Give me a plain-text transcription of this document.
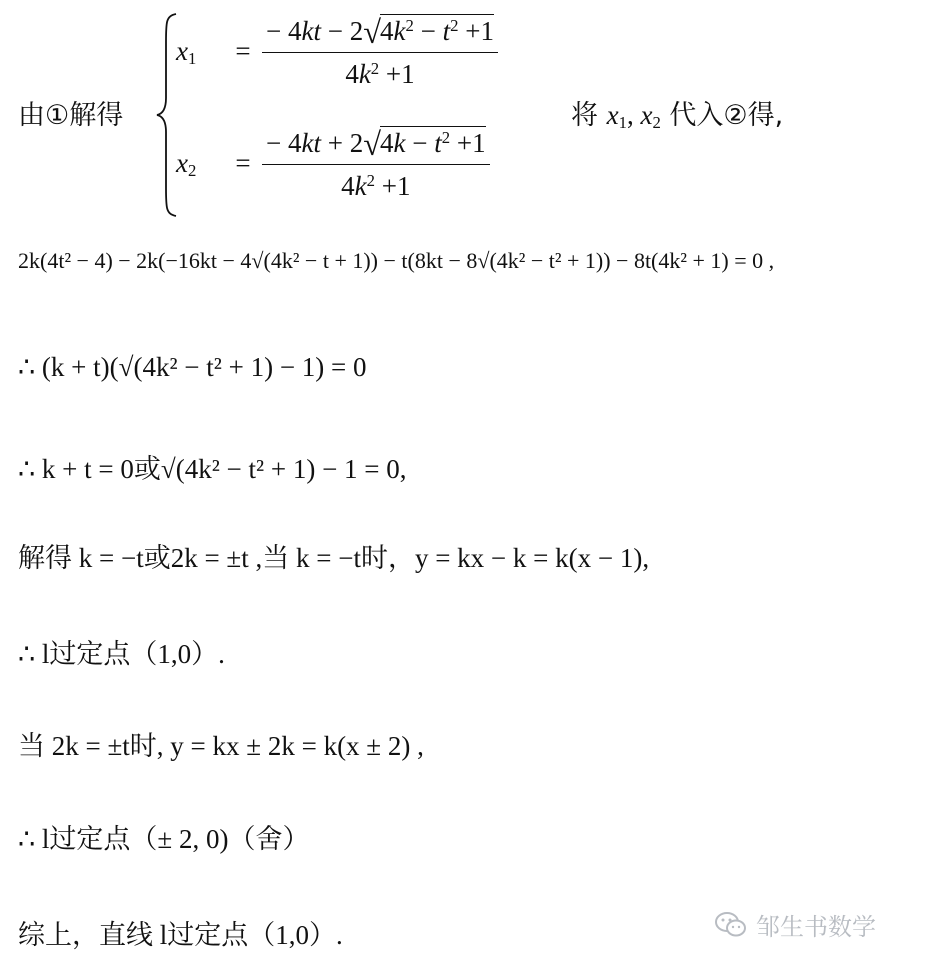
由①解得
$x_1$	= $\frac{- 4kt - 2√4k^2 - t^2 +1}{4k^2 +1}$
$x_2$	= $\frac{- 4kt + 2√4k - t^2 +1}{4k^2 +1}$
将 $x_1$, $x_2$ 代入②得,
2k(4t² − 4) − 2k(−16kt − 4√(4k² − t + 1)) − t(8kt − 8√(4k² − t² + 1)) − 8t(4k² + 1) = 0 ,
∴ (k + t)(√(4k² − t² + 1) − 1) = 0
∴ k + t = 0或√(4k² − t² + 1) − 1 = 0,
解得 k = −t或2k = ±t ,当 k = −t时，y = kx − k = k(x − 1),
∴ l过定点（1,0）.
当 2k = ±t时, y = kx ± 2k = k(x ± 2) ,
∴ l过定点（± 2, 0)（舍）
综上，直线 l过定点（1,0）.	邹生书数学
